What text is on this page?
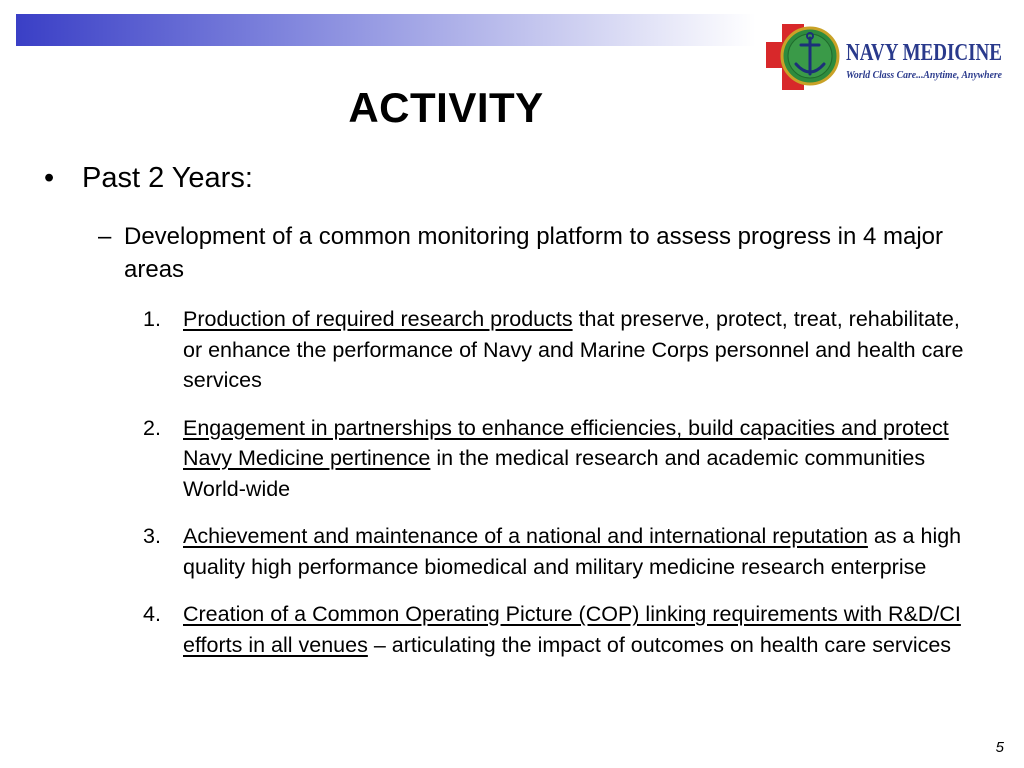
NAVY MEDICINE
World Class Care...Anytime, Anywhere
ACTIVITY
• Past 2 Years:
– Development of a common monitoring platform to assess progress in 4 major areas
1. Production of required research products that preserve, protect, treat, rehabilitate, or enhance the performance of Navy and Marine Corps personnel and health care services
2. Engagement in partnerships to enhance efficiencies, build capacities and protect Navy Medicine pertinence in the medical research and academic communities World-wide
3. Achievement and maintenance of a national and international reputation as a high quality high performance biomedical and military medicine research enterprise
4. Creation of a Common Operating Picture (COP) linking requirements with R&D/CI efforts in all venues – articulating the impact of outcomes on health care services
5
